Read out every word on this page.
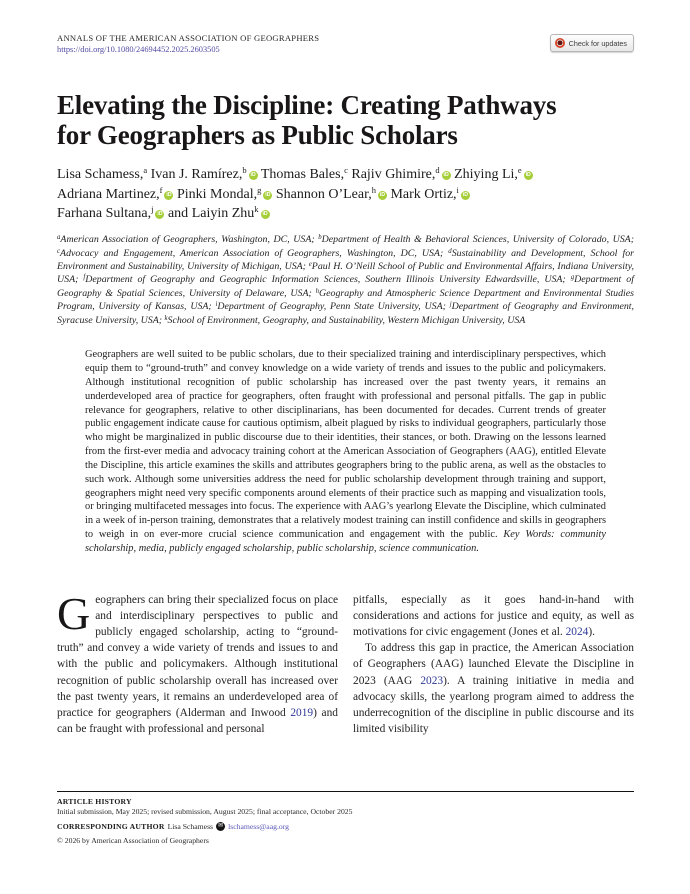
ANNALS OF THE AMERICAN ASSOCIATION OF GEOGRAPHERS
https://doi.org/10.1080/24694452.2025.2603505
Check for updates
Elevating the Discipline: Creating Pathways
for Geographers as Public Scholars
Lisa Schamess,$^a$ Ivan J. Ramírez,$^b$ iD Thomas Bales,$^c$ Rajiv Ghimire,$^d$ iD Zhiying Li,$^e$ iD
Adriana Martinez,$^f$ iD Pinki Mondal,$^g$ iD Shannon O’Lear,$^h$ iD Mark Ortiz,$^i$ iD
Farhana Sultana,$^j$ iD and Laiyin Zhu$^k$ iD
$^a$American Association of Geographers, Washington, DC, USA; $^b$Department of Health & Behavioral Sciences, University of Colorado, USA; $^c$Advocacy and Engagement, American Association of Geographers, Washington, DC, USA; $^d$Sustainability and Development, School for Environment and Sustainability, University of Michigan, USA; $^e$Paul H. O’Neill School of Public and Environmental Affairs, Indiana University, USA; $^f$Department of Geography and Geographic Information Sciences, Southern Illinois University Edwardsville, USA; $^g$Department of Geography & Spatial Sciences, University of Delaware, USA; $^h$Geography and Atmospheric Science Department and Environmental Studies Program, University of Kansas, USA; $^i$Department of Geography, Penn State University, USA; $^j$Department of Geography and Environment, Syracuse University, USA; $^k$School of Environment, Geography, and Sustainability, Western Michigan University, USA
Geographers are well suited to be public scholars, due to their specialized training and interdisciplinary perspectives, which equip them to “ground-truth” and convey knowledge on a wide variety of trends and issues to the public and policymakers. Although institutional recognition of public scholarship has increased over the past twenty years, it remains an underdeveloped area of practice for geographers, often fraught with professional and personal pitfalls. The gap in public relevance for geographers, relative to other disciplinarians, has been documented for decades. Current trends of greater public engagement indicate cause for cautious optimism, albeit plagued by risks to individual geographers, particularly those who might be marginalized in public discourse due to their identities, their stances, or both. Drawing on the lessons learned from the first-ever media and advocacy training cohort at the American Association of Geographers (AAG), entitled Elevate the Discipline, this article examines the skills and attributes geographers bring to the public arena, as well as the obstacles to such work. Although some universities address the need for public scholarship development through training and support, geographers might need very specific components around elements of their practice such as mapping and visualization tools, or bringing multifaceted messages into focus. The experience with AAG’s yearlong Elevate the Discipline, which culminated in a week of in-person training, demonstrates that a relatively modest training can instill confidence and skills in geographers to weigh in on ever-more crucial science communication and engagement with the public. Key Words: community scholarship, media, publicly engaged scholarship, public scholarship, science communication.

Geographers can bring their specialized focus on place and interdisciplinary perspectives to public and publicly engaged scholarship, acting to “ground-truth” and convey a wide variety of trends and issues to and with the public and policymakers. Although institutional recognition of public scholarship overall has increased over the past twenty years, it remains an underdeveloped area of practice for geographers (Alderman and Inwood 2019) and can be fraught with professional and personal

pitfalls, especially as it goes hand-in-hand with considerations and actions for justice and equity, as well as motivations for civic engagement (Jones et al. 2024).

To address this gap in practice, the American Association of Geographers (AAG) launched Elevate the Discipline in 2023 (AAG 2023). A training initiative in media and advocacy skills, the yearlong program aimed to address the underrecognition of the discipline in public discourse and its limited visibility

ARTICLE HISTORY
Initial submission, May 2025; revised submission, August 2025; final acceptance, October 2025
CORRESPONDING AUTHOR Lisa Schamess ✉ lschamess@aag.org
© 2026 by American Association of Geographers
